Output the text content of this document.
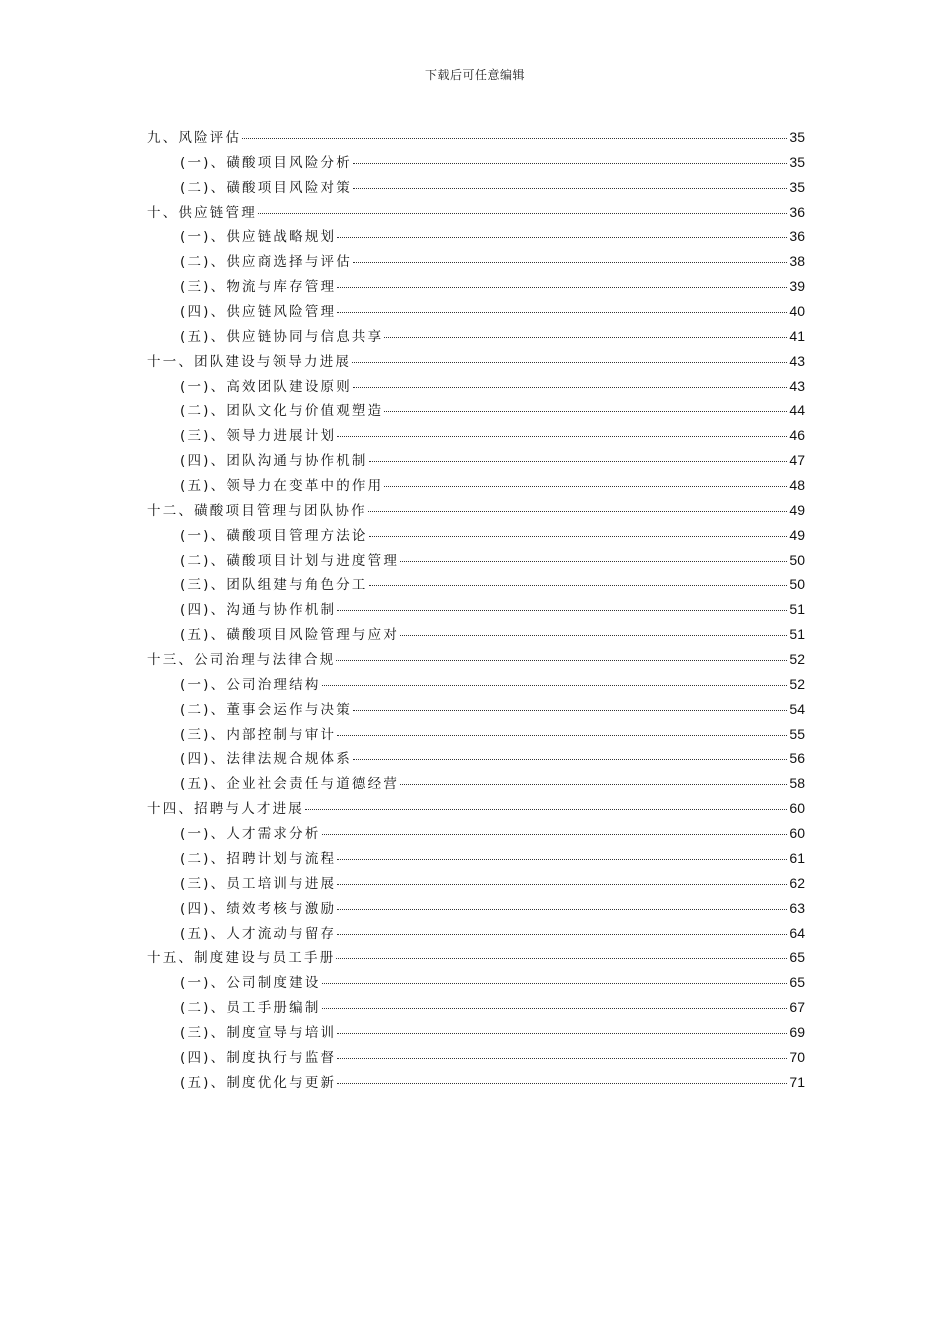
下载后可任意编辑
九、风险评估	35
(一)、磺酸项目风险分析	35
(二)、磺酸项目风险对策	35
十、供应链管理	36
(一)、供应链战略规划	36
(二)、供应商选择与评估	38
(三)、物流与库存管理	39
(四)、供应链风险管理	40
(五)、供应链协同与信息共享	41
十一、团队建设与领导力进展	43
(一)、高效团队建设原则	43
(二)、团队文化与价值观塑造	44
(三)、领导力进展计划	46
(四)、团队沟通与协作机制	47
(五)、领导力在变革中的作用	48
十二、磺酸项目管理与团队协作	49
(一)、磺酸项目管理方法论	49
(二)、磺酸项目计划与进度管理	50
(三)、团队组建与角色分工	50
(四)、沟通与协作机制	51
(五)、磺酸项目风险管理与应对	51
十三、公司治理与法律合规	52
(一)、公司治理结构	52
(二)、董事会运作与决策	54
(三)、内部控制与审计	55
(四)、法律法规合规体系	56
(五)、企业社会责任与道德经营	58
十四、招聘与人才进展	60
(一)、人才需求分析	60
(二)、招聘计划与流程	61
(三)、员工培训与进展	62
(四)、绩效考核与激励	63
(五)、人才流动与留存	64
十五、制度建设与员工手册	65
(一)、公司制度建设	65
(二)、员工手册编制	67
(三)、制度宣导与培训	69
(四)、制度执行与监督	70
(五)、制度优化与更新	71
